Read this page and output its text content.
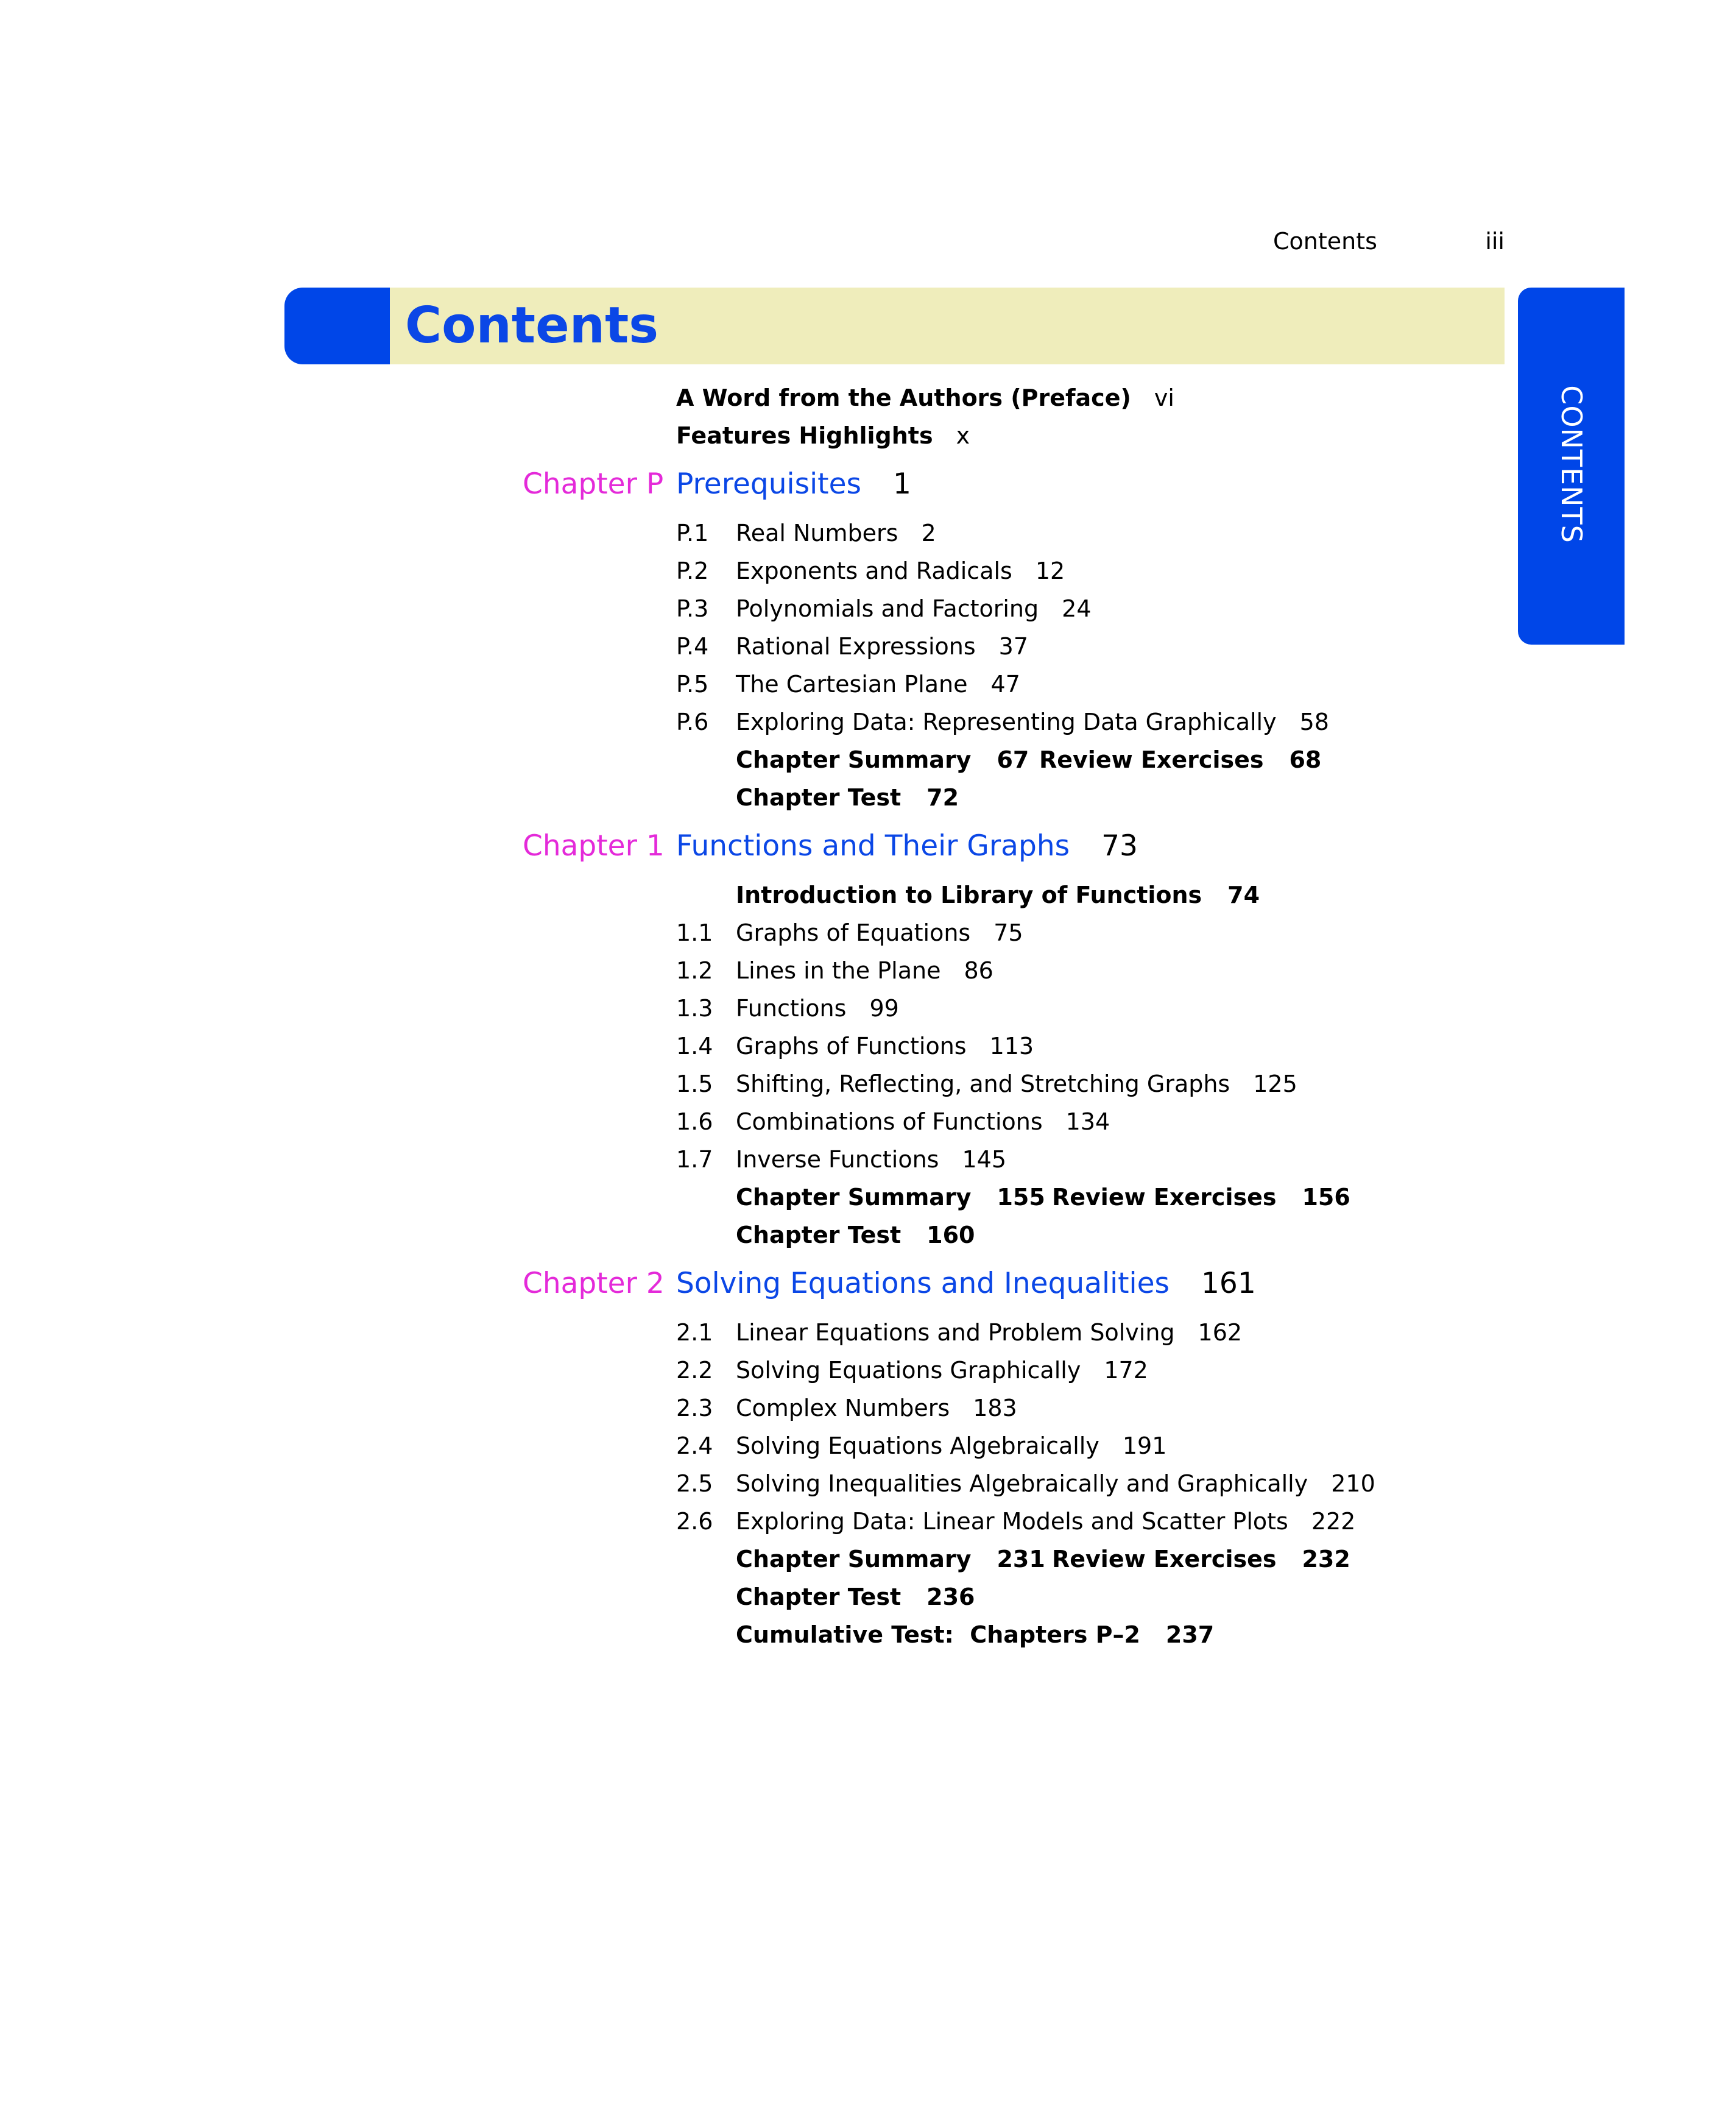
Contents	iii
Contents
CONTENTS
A Word from the Authors (Preface) vi
Features Highlights x
Chapter P Prerequisites 1
P.1 Real Numbers 2
P.2 Exponents and Radicals 12
P.3 Polynomials and Factoring 24
P.4 Rational Expressions 37
P.5 The Cartesian Plane 47
P.6 Exploring Data: Representing Data Graphically 58
Chapter Summary 67 Review Exercises 68
Chapter Test 72
Chapter 1 Functions and Their Graphs 73
Introduction to Library of Functions 74
1.1 Graphs of Equations 75
1.2 Lines in the Plane 86
1.3 Functions 99
1.4 Graphs of Functions 113
1.5 Shifting, Reflecting, and Stretching Graphs 125
1.6 Combinations of Functions 134
1.7 Inverse Functions 145
Chapter Summary 155 Review Exercises 156
Chapter Test 160
Chapter 2 Solving Equations and Inequalities 161
2.1 Linear Equations and Problem Solving 162
2.2 Solving Equations Graphically 172
2.3 Complex Numbers 183
2.4 Solving Equations Algebraically 191
2.5 Solving Inequalities Algebraically and Graphically 210
2.6 Exploring Data: Linear Models and Scatter Plots 222
Chapter Summary 231 Review Exercises 232
Chapter Test 236
Cumulative Test:  Chapters P–2 237
